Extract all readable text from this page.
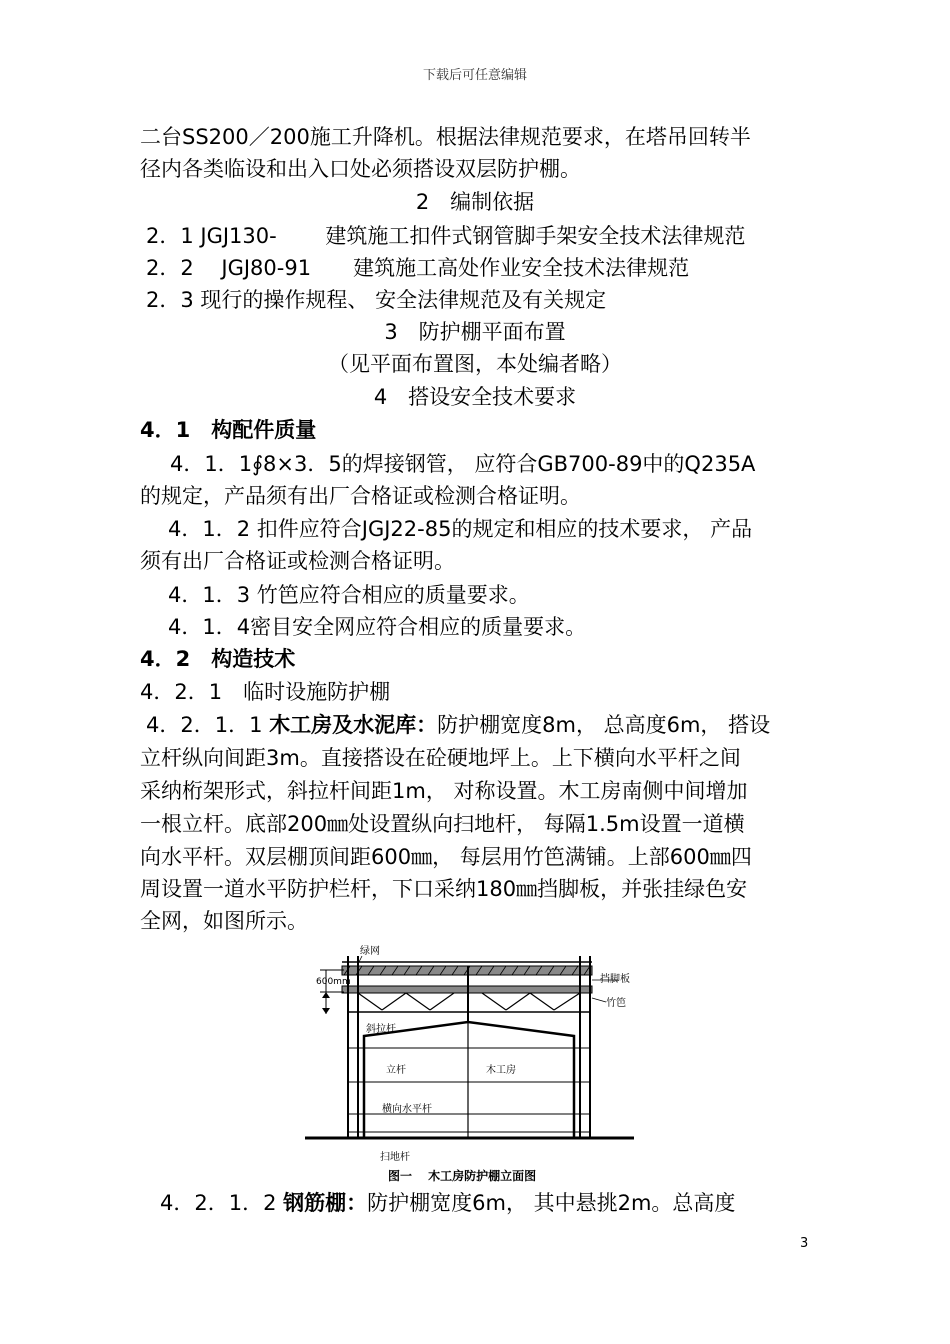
下载后可任意编辑
二台SS200／200施工升降机。根据法律规范要求，在塔吊回转半
径内各类临设和出入口处必须搭设双层防护棚。
2　编制依据
2．1 JGJ130-　　 建筑施工扣件式钢管脚手架安全技术法律规范
2．2　 JGJ80-91　　建筑施工高处作业安全技术法律规范
2．3 现行的操作规程、 安全法律规范及有关规定
3　防护棚平面布置
（见平面布置图，本处编者略）
4　搭设安全技术要求
4．1　构配件质量
4．1．1∮8×3．5的焊接钢管， 应符合GB700-89中的Q235A
的规定，产品须有出厂合格证或检测合格证明。
4．1．2 扣件应符合JGJ22-85的规定和相应的技术要求， 产品
须有出厂合格证或检测合格证明。
4．1．3 竹笆应符合相应的质量要求。
4．1．4密目安全网应符合相应的质量要求。
4．2　构造技术
4．2．1　临时设施防护棚
4．2．1．1 木工房及水泥库：防护棚宽度8m， 总高度6m， 搭设
立杆纵向间距3m。直接搭设在砼硬地坪上。上下横向水平杆之间
采纳桁架形式，斜拉杆间距1m， 对称设置。木工房南侧中间增加
一根立杆。底部200㎜处设置纵向扫地杆， 每隔1.5m设置一道横
向水平杆。双层棚顶间距600㎜， 每层用竹笆满铺。上部600㎜四
周设置一道水平防护栏杆，下口采纳180㎜挡脚板，并张挂绿色安
全网，如图所示。
绿网
600mm	挡脚板
竹笆
斜拉杆
立杆	木工房
横向水平杆
扫地杆
图一　 木工房防护棚立面图
4．2．1．2 钢筋棚：防护棚宽度6m， 其中悬挑2m。总高度
3
